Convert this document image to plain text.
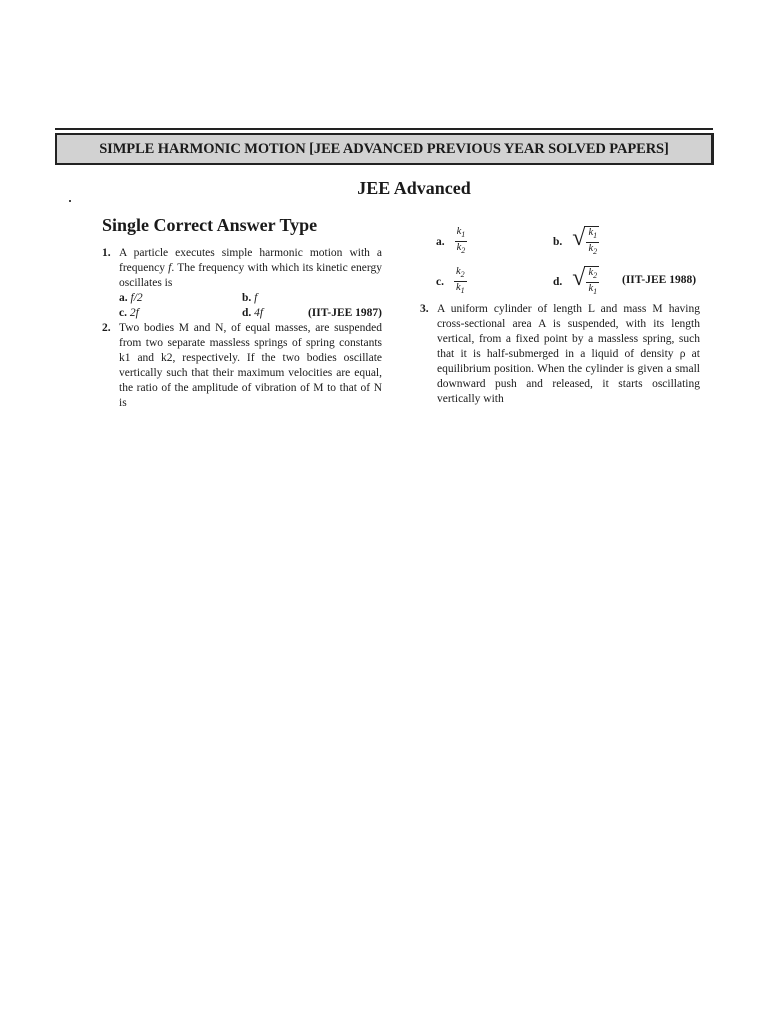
SIMPLE HARMONIC MOTION [JEE ADVANCED PREVIOUS YEAR SOLVED PAPERS]
JEE Advanced
Single Correct Answer Type
1. A particle executes simple harmonic motion with a frequency f. The frequency with which its kinetic energy oscillates is
a. f/2	b. f
c. 2f	d. 4f	(IIT-JEE 1987)
2. Two bodies M and N, of equal masses, are suspended from two separate massless springs of spring constants k1 and k2, respectively. If the two bodies oscillate vertically such that their maximum velocities are equal, the ratio of the amplitude of vibration of M to that of N is
a. $\frac{k_1}{k_2}$	b. √ $\frac{k_1}{k_2}$
c. $\frac{k_2}{k_1}$	d. √ $\frac{k_2}{k_1} (IIT-JEE$ 1988)
3. A uniform cylinder of length L and mass M having cross-sectional area A is suspended, with its length vertical, from a fixed point by a massless spring, such that it is half-submerged in a liquid of density ρ at equilibrium position. When the cylinder is given a small downward push and released, it starts oscillating vertically with
